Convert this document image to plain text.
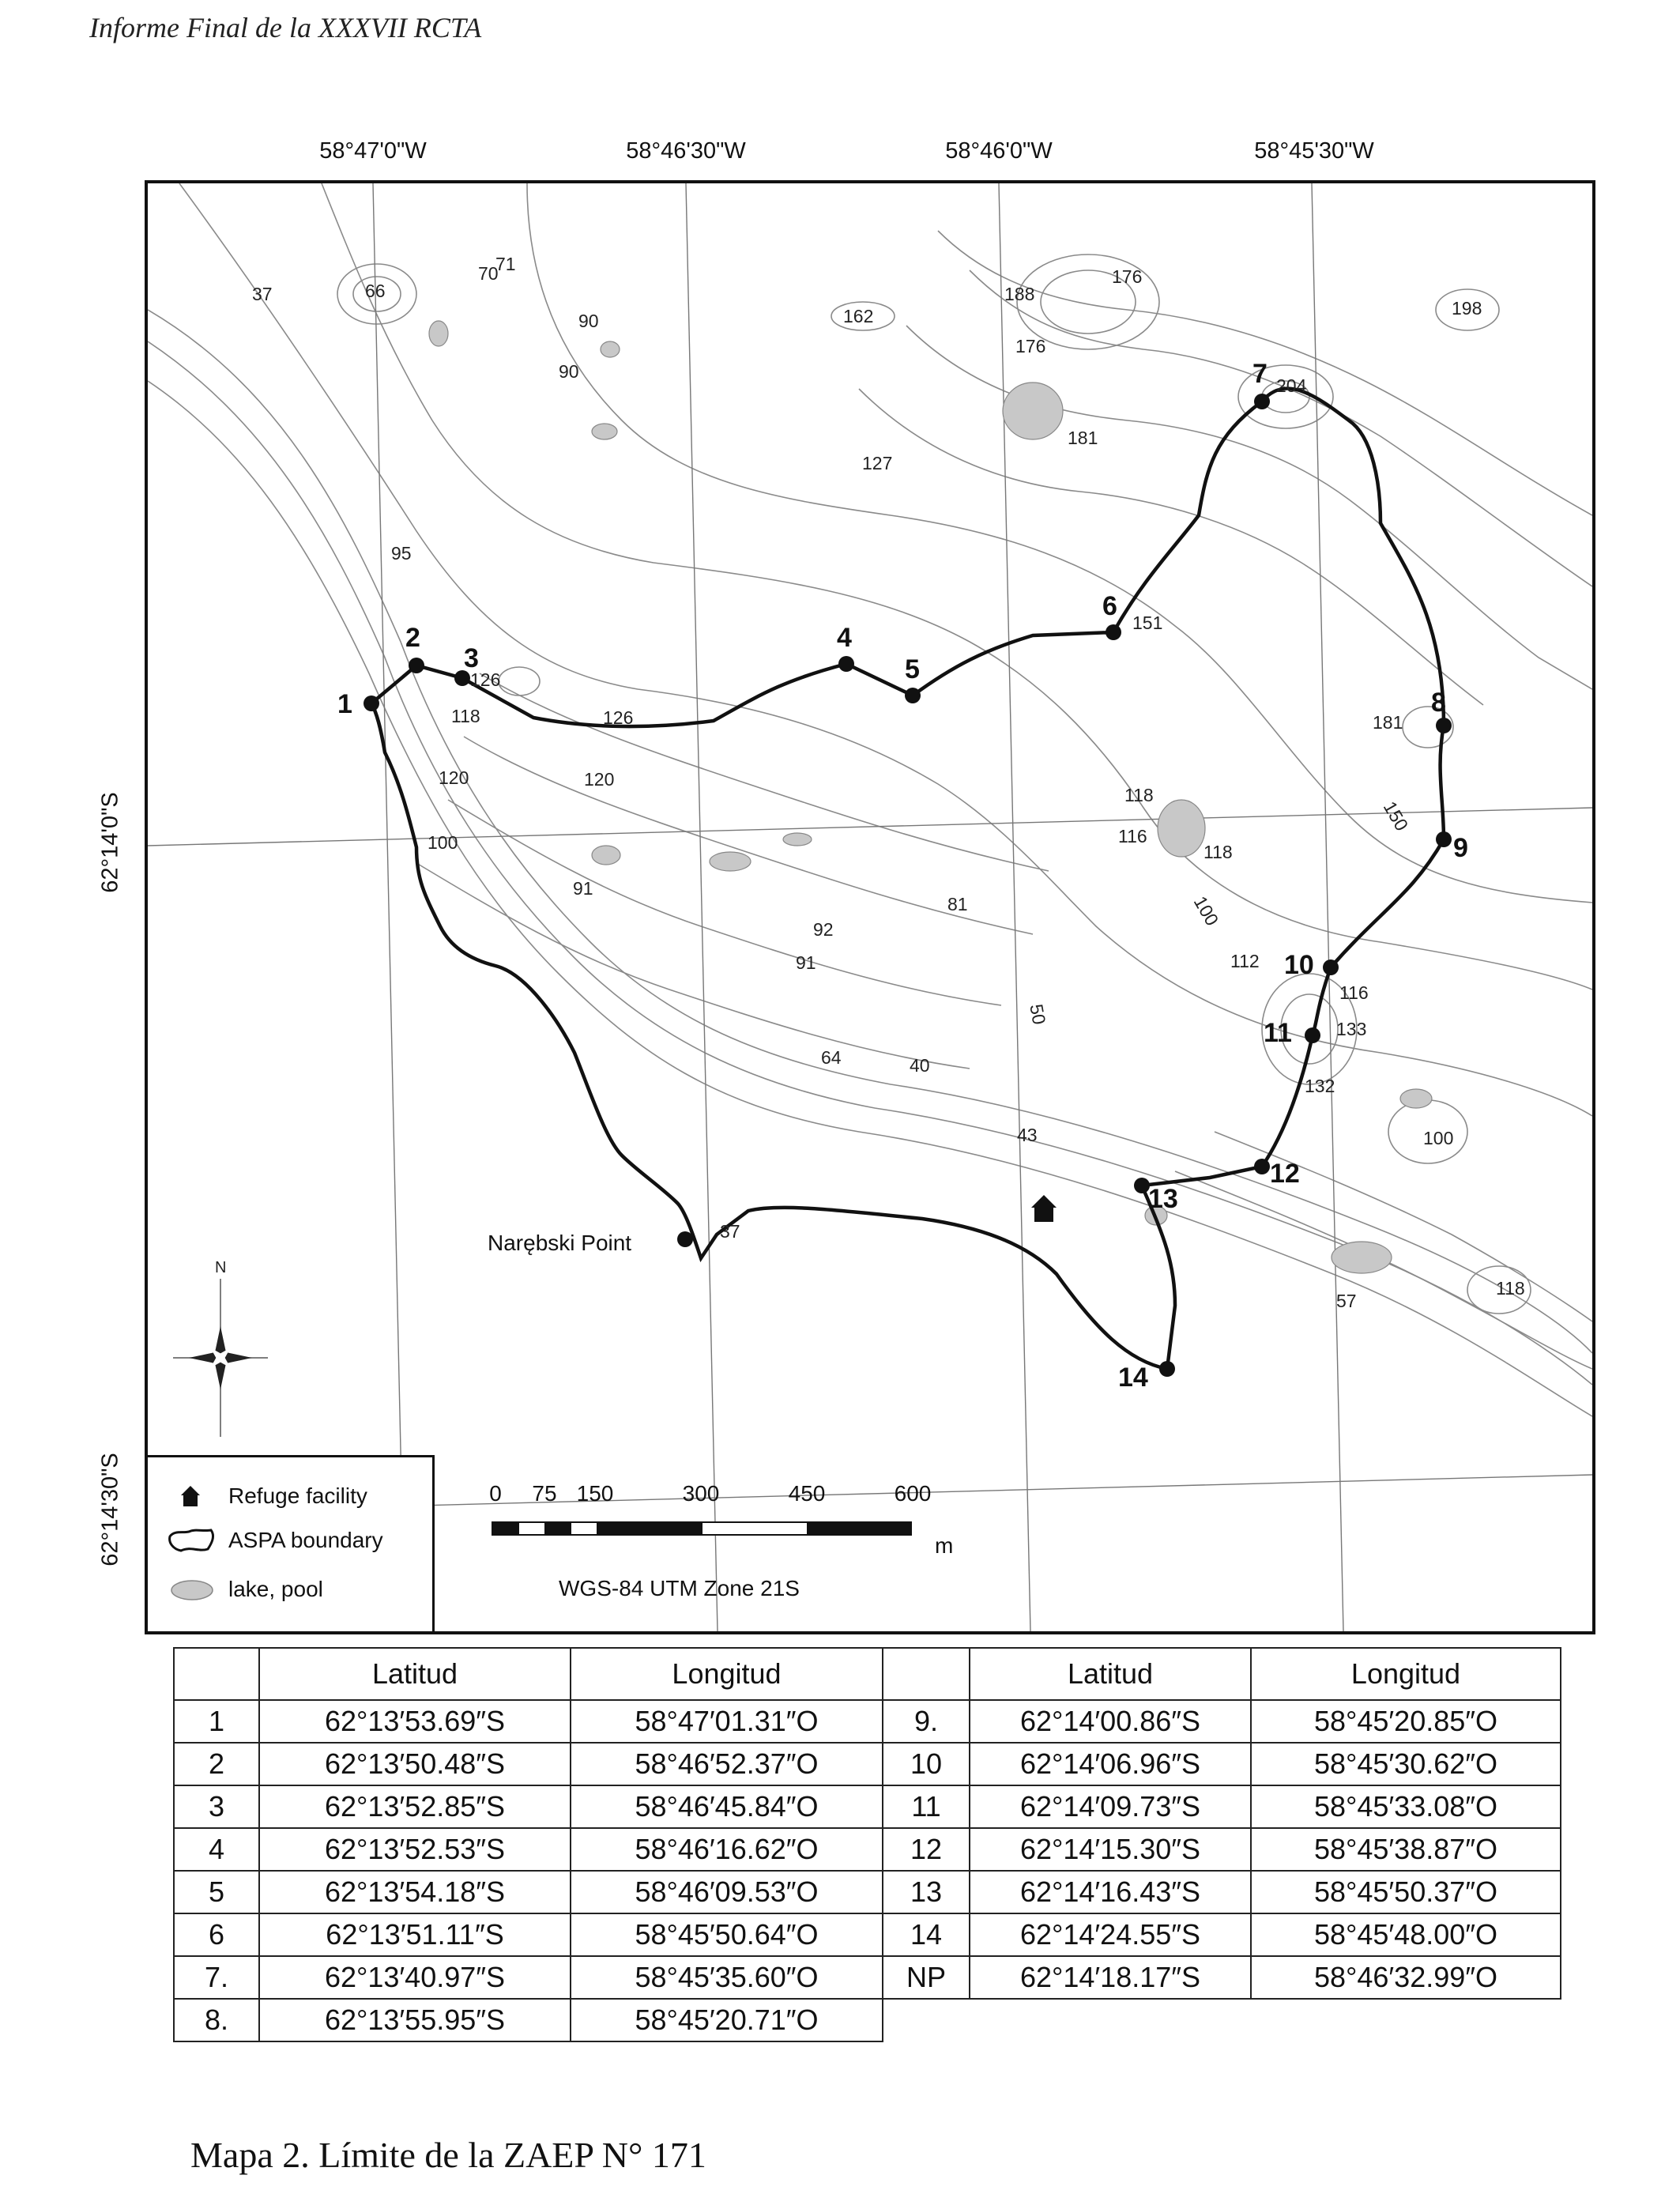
Informe Final de la XXXVII RCTA
58°47'0"W	58°46'30"W	58°46'0"W	58°45'30"W
62°14'0"S
62°14'30"S
1
2
3
4
5
6
7
8
9
10
11
12
13
14
37	66
70
71
90
90
95
162
127
188
176
176
181
204
198
151
126
126
118
120	120
100
91
81
92
91
118
116
118
100
112
150
181
116
133
132
100
64	40
50
43
37
118
57
Narębski Point
N
Refuge facility
ASPA boundary
lake, pool
0 75 150	300	450	600
m
WGS-84 UTM Zone 21S
	Latitud	Longitud		Latitud	Longitud
1	62°13′53.69″S	58°47′01.31″O	9.	62°14′00.86″S	58°45′20.85″O
2	62°13′50.48″S	58°46′52.37″O	10	62°14′06.96″S	58°45′30.62″O
3	62°13′52.85″S	58°46′45.84″O	11	62°14′09.73″S	58°45′33.08″O
4	62°13′52.53″S	58°46′16.62″O	12	62°14′15.30″S	58°45′38.87″O
5	62°13′54.18″S	58°46′09.53″O	13	62°14′16.43″S	58°45′50.37″O
6	62°13′51.11″S	58°45′50.64″O	14	62°14′24.55″S	58°45′48.00″O
7.	62°13′40.97″S	58°45′35.60″O	NP	62°14′18.17″S	58°46′32.99″O
8.	62°13′55.95″S	58°45′20.71″O			
Mapa 2. Límite de la ZAEP N° 171
